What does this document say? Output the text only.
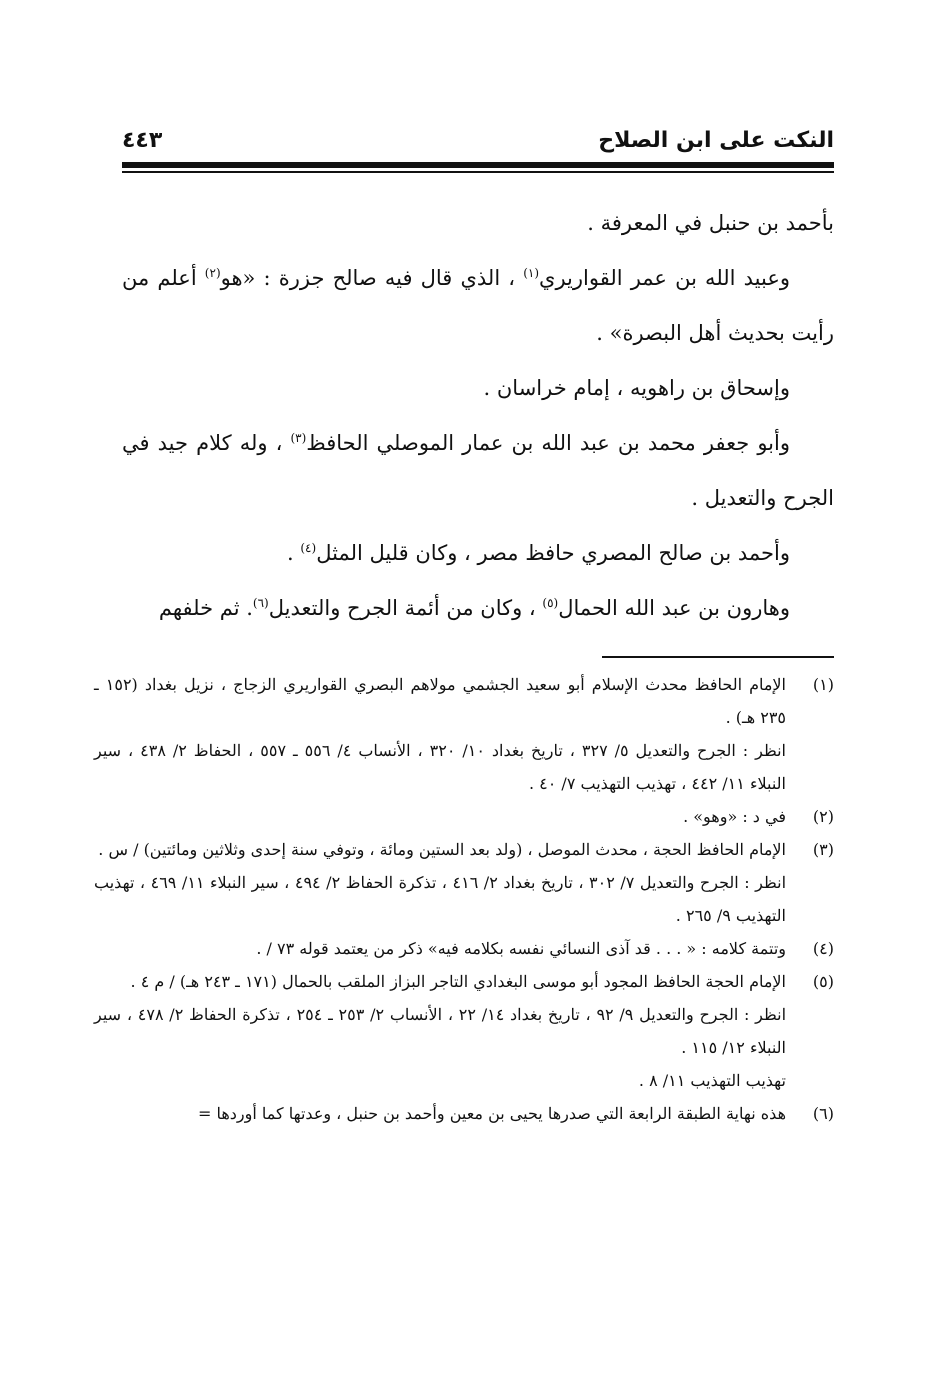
النكت على ابن الصلاح
٤٤٣

بأحمد بن حنبل في المعرفة .

وعبيد الله بن عمر القواريري$^{(١)}$ ، الذي قال فيه صالح جزرة : «هو$^{(٢)}$ أعلم من رأيت بحديث أهل البصرة» .

وإسحاق بن راهويه ، إمام خراسان .

وأبو جعفر محمد بن عبد الله بن عمار الموصلي الحافظ$^{(٣)}$ ، وله كلام جيد في الجرح والتعديل .

وأحمد بن صالح المصري حافظ مصر ، وكان قليل المثل$^{(٤)}$ .

وهارون بن عبد الله الحمال$^{(٥)}$ ، وكان من أئمة الجرح والتعديل$^{(٦)}$. ثم خلفهم

(١)
الإمام الحافظ محدث الإسلام أبو سعيد الجشمي مولاهم البصري القواريري الزجاج ، نزيل بغداد (١٥٢ ـ ٢٣٥ هـ) .
انظر : الجرح والتعديل ٥/ ٣٢٧ ، تاريخ بغداد ١٠/ ٣٢٠ ، الأنساب ٤/ ٥٥٦ ـ ٥٥٧ ، الحفاظ ٢/ ٤٣٨ ، سير النبلاء ١١/ ٤٤٢ ، تهذيب التهذيب ٧/ ٤٠ .
(٢)
في د : «وهو» .
(٣)
الإمام الحافظ الحجة ، محدث الموصل ، (ولد بعد الستين ومائة ، وتوفي سنة إحدى وثلاثين ومائتين) / س .
انظر : الجرح والتعديل ٧/ ٣٠٢ ، تاريخ بغداد ٢/ ٤١٦ ، تذكرة الحفاظ ٢/ ٤٩٤ ، سير النبلاء ١١/ ٤٦٩ ، تهذيب التهذيب ٩/ ٢٦٥ .
(٤)
وتتمة كلامه : « . . . قد آذى النسائي نفسه بكلامه فيه» ذكر من يعتمد قوله ٧٣ / .
(٥)
الإمام الحجة الحافظ المجود أبو موسى البغدادي التاجر البزاز الملقب بالحمال (١٧١ ـ ٢٤٣ هـ) / م ٤ .
انظر : الجرح والتعديل ٩/ ٩٢ ، تاريخ بغداد ١٤/ ٢٢ ، الأنساب ٢/ ٢٥٣ ـ ٢٥٤ ، تذكرة الحفاظ ٢/ ٤٧٨ ، سير النبلاء ١٢/ ١١٥ .
تهذيب التهذيب ١١/ ٨ .
(٦)
هذه نهاية الطبقة الرابعة التي صدرها يحيى بن معين وأحمد بن حنبل ، وعدتها كما أوردها =
